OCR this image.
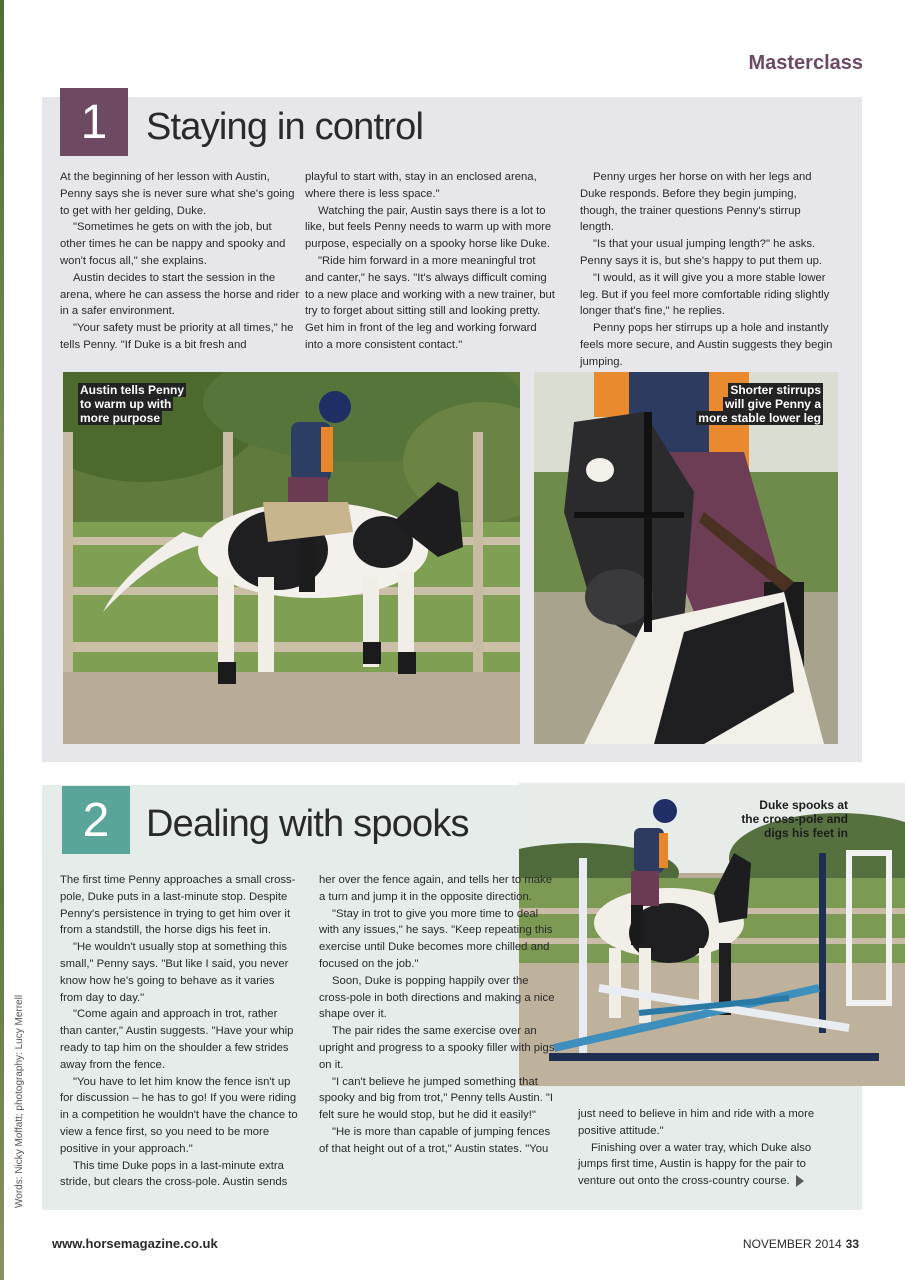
Masterclass
1	Staying in control

At the beginning of her lesson with Austin, Penny says she is never sure what she's going to get with her gelding, Duke.

"Sometimes he gets on with the job, but other times he can be nappy and spooky and won't focus all," she explains.

Austin decides to start the session in the arena, where he can assess the horse and rider in a safer environment.

"Your safety must be priority at all times," he tells Penny. "If Duke is a bit fresh and

playful to start with, stay in an enclosed arena, where there is less space."

Watching the pair, Austin says there is a lot to like, but feels Penny needs to warm up with more purpose, especially on a spooky horse like Duke.

"Ride him forward in a more meaningful trot and canter," he says. "It's always difficult coming to a new place and working with a new trainer, but try to forget about sitting still and looking pretty. Get him in front of the leg and working forward into a more consistent contact."

Penny urges her horse on with her legs and Duke responds. Before they begin jumping, though, the trainer questions Penny's stirrup length.

"Is that your usual jumping length?" he asks. Penny says it is, but she's happy to put them up.

"I would, as it will give you a more stable lower leg. But if you feel more comfortable riding slightly longer that's fine," he replies.

Penny pops her stirrups up a hole and instantly feels more secure, and Austin suggests they begin jumping.

Austin tells Penny
to warm up with
more purpose
Shorter stirrups
will give Penny a
more stable lower leg
2 Dealing with spooks	Duke spooks at
the cross-pole and
digs his feet in

The first time Penny approaches a small cross-pole, Duke puts in a last-minute stop. Despite Penny's persistence in trying to get him over it from a standstill, the horse digs his feet in.

"He wouldn't usually stop at something this small," Penny says. "But like I said, you never know how he's going to behave as it varies from day to day."

"Come again and approach in trot, rather than canter," Austin suggests. "Have your whip ready to tap him on the shoulder a few strides away from the fence.

"You have to let him know the fence isn't up for discussion – he has to go! If you were riding in a competition he wouldn't have the chance to view a fence first, so you need to be more positive in your approach."

This time Duke pops in a last-minute extra stride, but clears the cross-pole. Austin sends

her over the fence again, and tells her to make a turn and jump it in the opposite direction.

"Stay in trot to give you more time to deal with any issues," he says. "Keep repeating this exercise until Duke becomes more chilled and focused on the job."

Soon, Duke is popping happily over the cross-pole in both directions and making a nice shape over it.

The pair rides the same exercise over an upright and progress to a spooky filler with pigs on it.

"I can't believe he jumped something that spooky and big from trot," Penny tells Austin. "I felt sure he would stop, but he did it easily!"

"He is more than capable of jumping fences of that height out of a trot," Austin states. "You

just need to believe in him and ride with a more positive attitude."

Finishing over a water tray, which Duke also jumps first time, Austin is happy for the pair to venture out onto the cross-country course.

Words: Nicky Moffatt; photography: Lucy Merrell
www.horsemagazine.co.uk	NOVEMBER 2014 33
